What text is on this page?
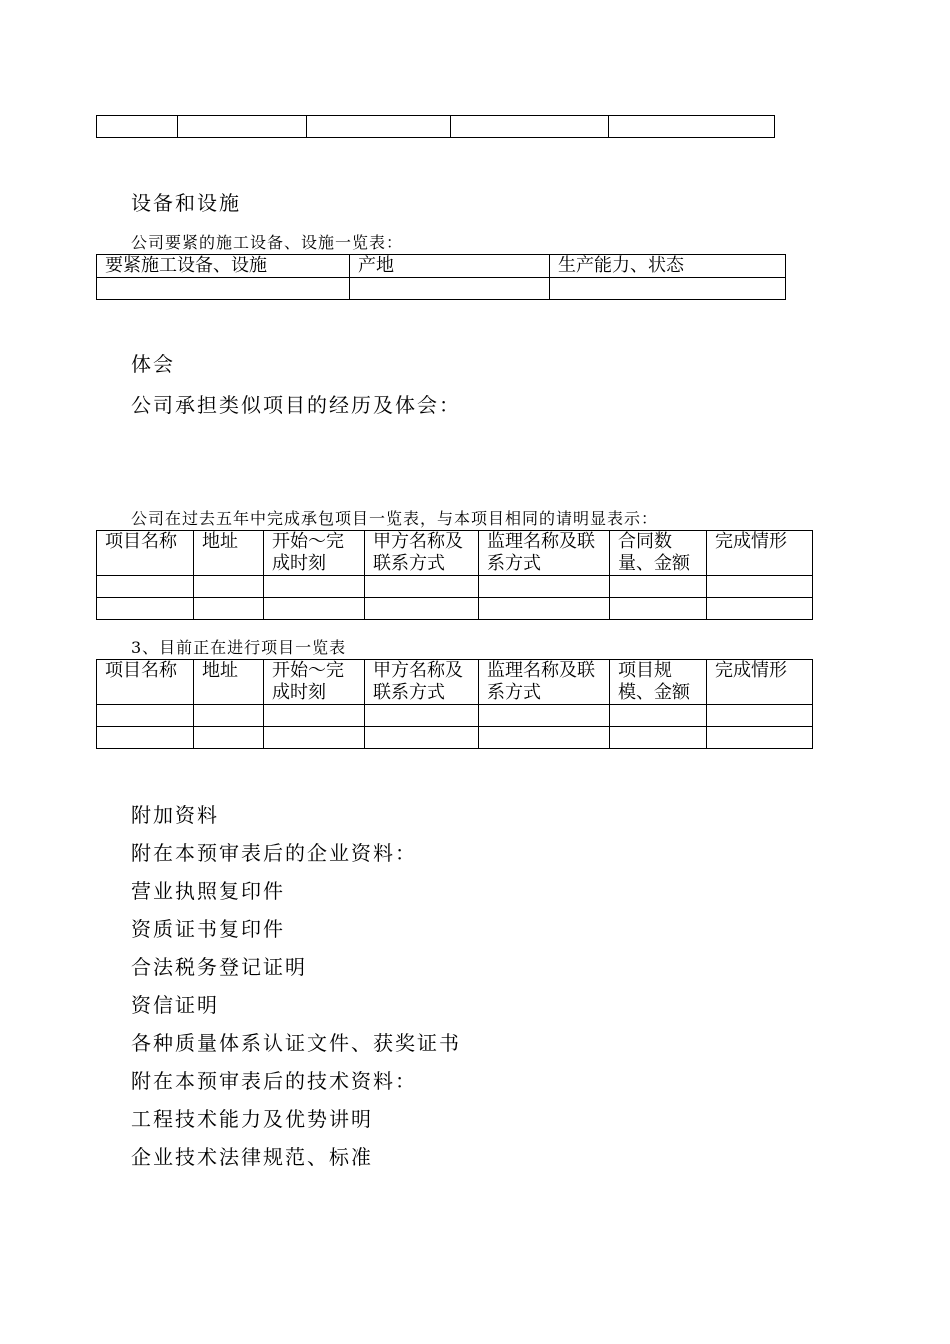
设备和设施
公司要紧的施工设备、设施一览表：
要紧施工设备、设施	产地	生产能力、状态

体会
公司承担类似项目的经历及体会：
公司在过去五年中完成承包项目一览表，与本项目相同的请明显表示：
项目名称	地址	开始～完成时刻	甲方名称及联系方式	监理名称及联系方式	合同数量、金额	完成情形

3、目前正在进行项目一览表
项目名称	地址	开始～完成时刻	甲方名称及联系方式	监理名称及联系方式	项目规模、金额	完成情形

附加资料
附在本预审表后的企业资料：
营业执照复印件
资质证书复印件
合法税务登记证明
资信证明
各种质量体系认证文件、获奖证书
附在本预审表后的技术资料：
工程技术能力及优势讲明
企业技术法律规范、标准
